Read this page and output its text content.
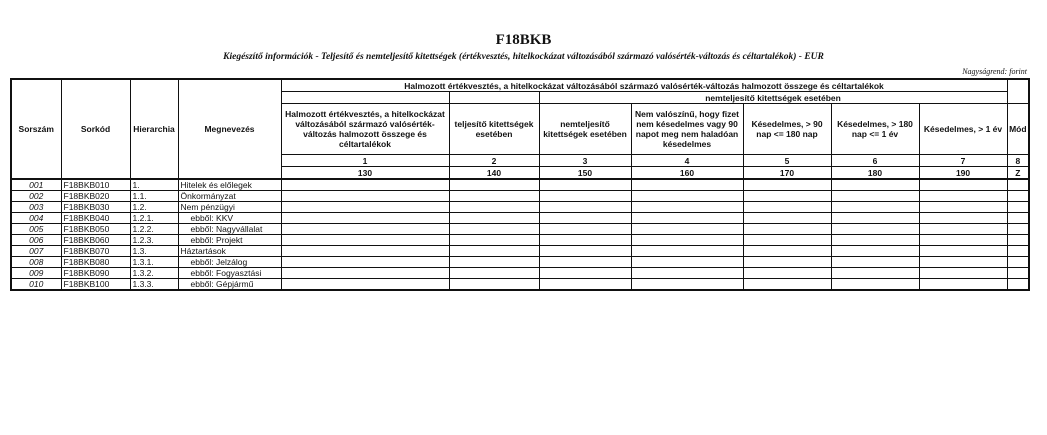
F18BKB
Kiegészítő információk - Teljesítő és nemteljesítő kitettségek (értékvesztés, hitelkockázat változásából származó valósérték-változás és céltartalékok) - EUR
Nagyságrend: forint
Sorszám	Sorkód	Hierarchia	Megnevezés	Halmozott értékvesztés, a hitelkockázat változásából származó valósérték-változás halmozott összege és céltartalékok							
						nemteljesítő kitettségek esetében					
				Halmozott értékvesztés, a hitelkockázat változásából származó valósérték-változás halmozott összege és céltartalékok	teljesítő kitettségek esetében	nemteljesítő kitettségek esetében	Nem valószínű, hogy fizet nem késedelmes vagy 90 napot meg nem haladóan késedelmes	Késedelmes, > 90 nap <= 180 nap	Késedelmes, > 180 nap <= 1 év	Késedelmes, > 1 év	Mód
				1	2	3	4	5	6	7	8
				130	140	150	160	170	180	190	Z
001	F18BKB010	1.	Hitelek és előlegek								
002	F18BKB020	1.1.	Önkormányzat								
003	F18BKB030	1.2.	Nem pénzügyi								
004	F18BKB040	1.2.1.	ebből: KKV								
005	F18BKB050	1.2.2.	ebből: Nagyvállalat								
006	F18BKB060	1.2.3.	ebből: Projekt								
007	F18BKB070	1.3.	Háztartások								
008	F18BKB080	1.3.1.	ebből: Jelzálog								
009	F18BKB090	1.3.2.	ebből: Fogyasztási								
010	F18BKB100	1.3.3.	ebből: Gépjármű								
